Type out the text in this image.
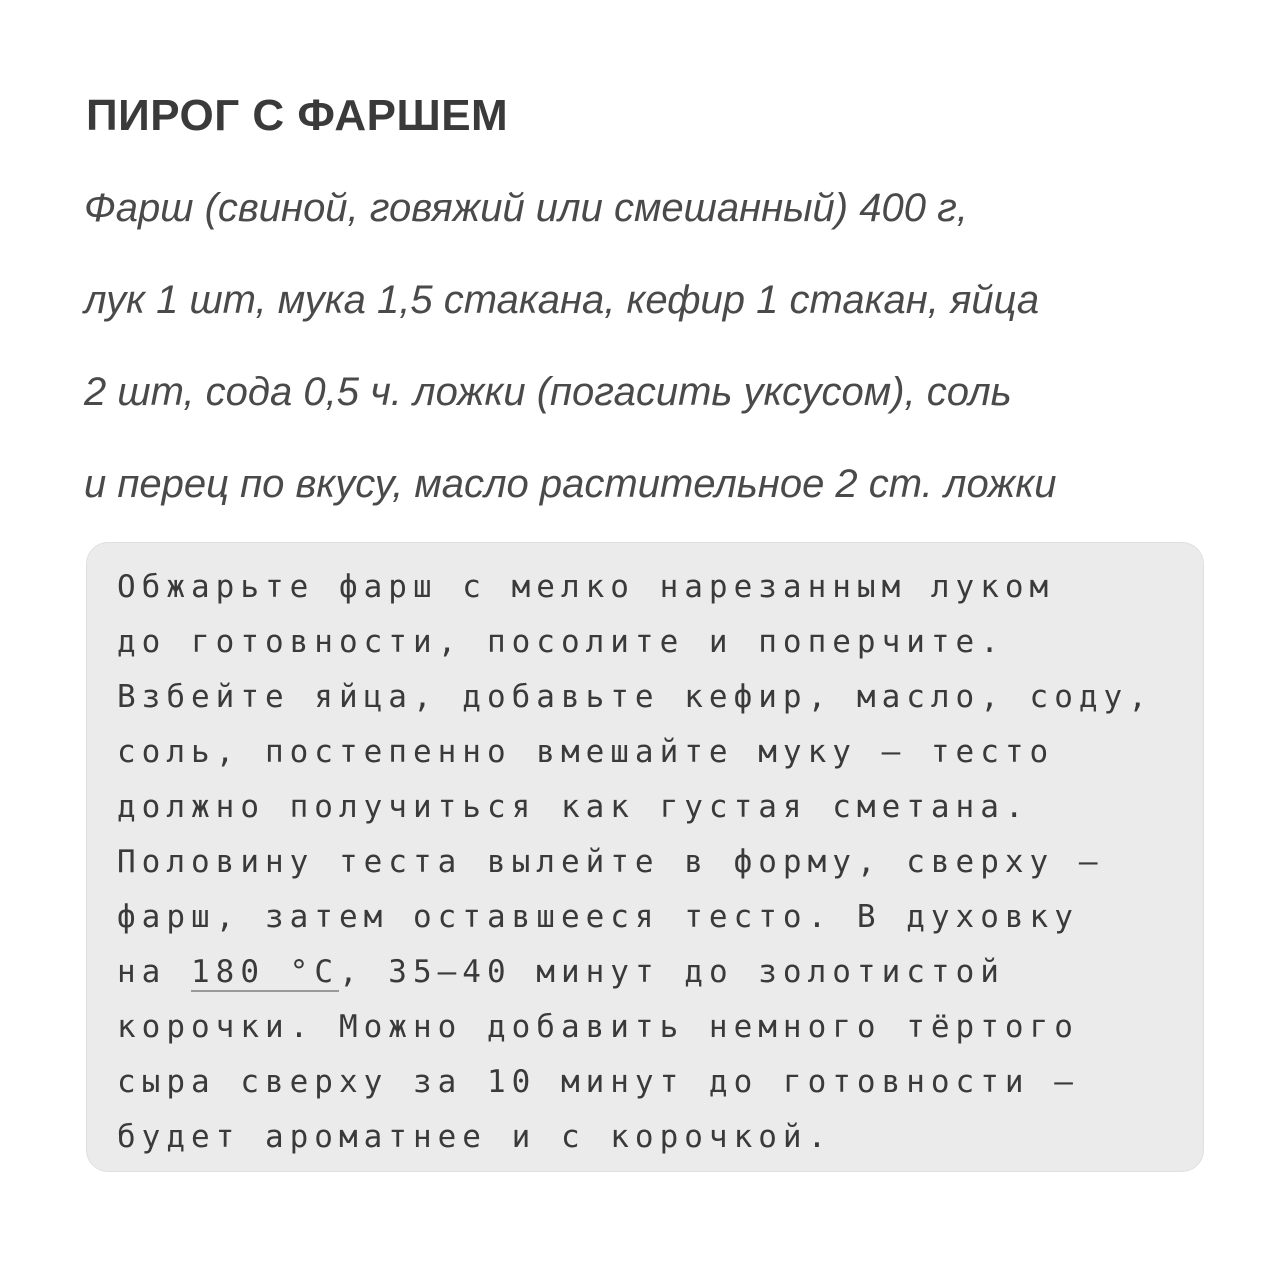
ПИРОГ С ФАРШЕМ

Фарш (свиной, говяжий или смешанный) 400 г,
лук 1 шт, мука 1,5 стакана, кефир 1 стакан, яйца
2 шт, сода 0,5 ч. ложки (погасить уксусом), соль
и перец по вкусу, масло растительное 2 ст. ложки

Обжарьте фарш с мелко нарезанным луком
до готовности, посолите и поперчите.
Взбейте яйца, добавьте кефир, масло, соду,
соль, постепенно вмешайте муку — тесто
должно получиться как густая сметана.
Половину теста вылейте в форму, сверху —
фарш, затем оставшееся тесто. В духовку
на 180 °C, 35—40 минут до золотистой
корочки. Можно добавить немного тёртого
сыра сверху за 10 минут до готовности —
будет ароматнее и с корочкой.
